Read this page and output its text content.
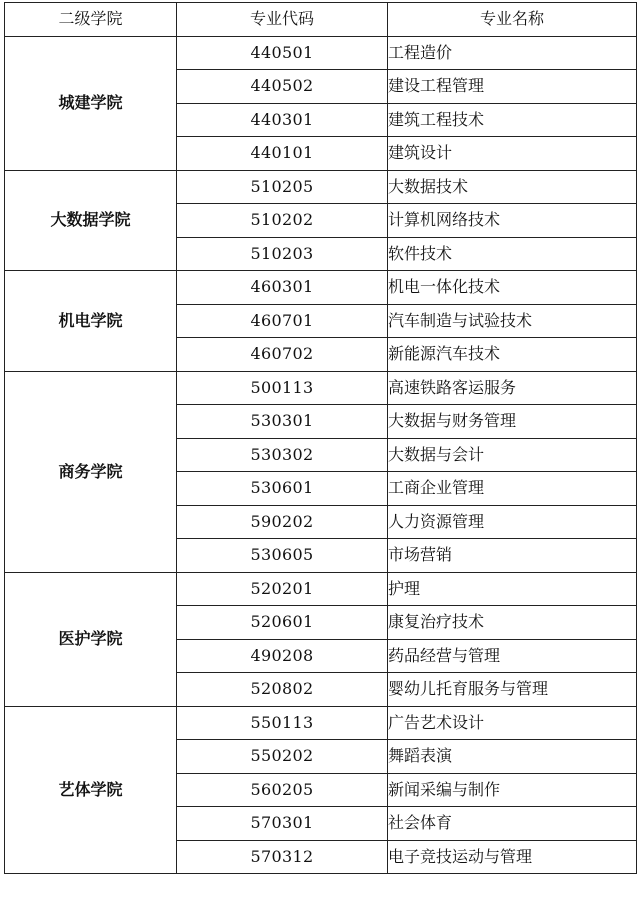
二级学院	专业代码	专业名称
城建学院	440501	工程造价
	440502	建设工程管理
	440301	建筑工程技术
	440101	建筑设计
大数据学院	510205	大数据技术
	510202	计算机网络技术
	510203	软件技术
机电学院	460301	机电一体化技术
	460701	汽车制造与试验技术
	460702	新能源汽车技术
商务学院	500113	高速铁路客运服务
	530301	大数据与财务管理
	530302	大数据与会计
	530601	工商企业管理
	590202	人力资源管理
	530605	市场营销
医护学院	520201	护理
	520601	康复治疗技术
	490208	药品经营与管理
	520802	婴幼儿托育服务与管理
艺体学院	550113	广告艺术设计
	550202	舞蹈表演
	560205	新闻采编与制作
	570301	社会体育
	570312	电子竞技运动与管理
